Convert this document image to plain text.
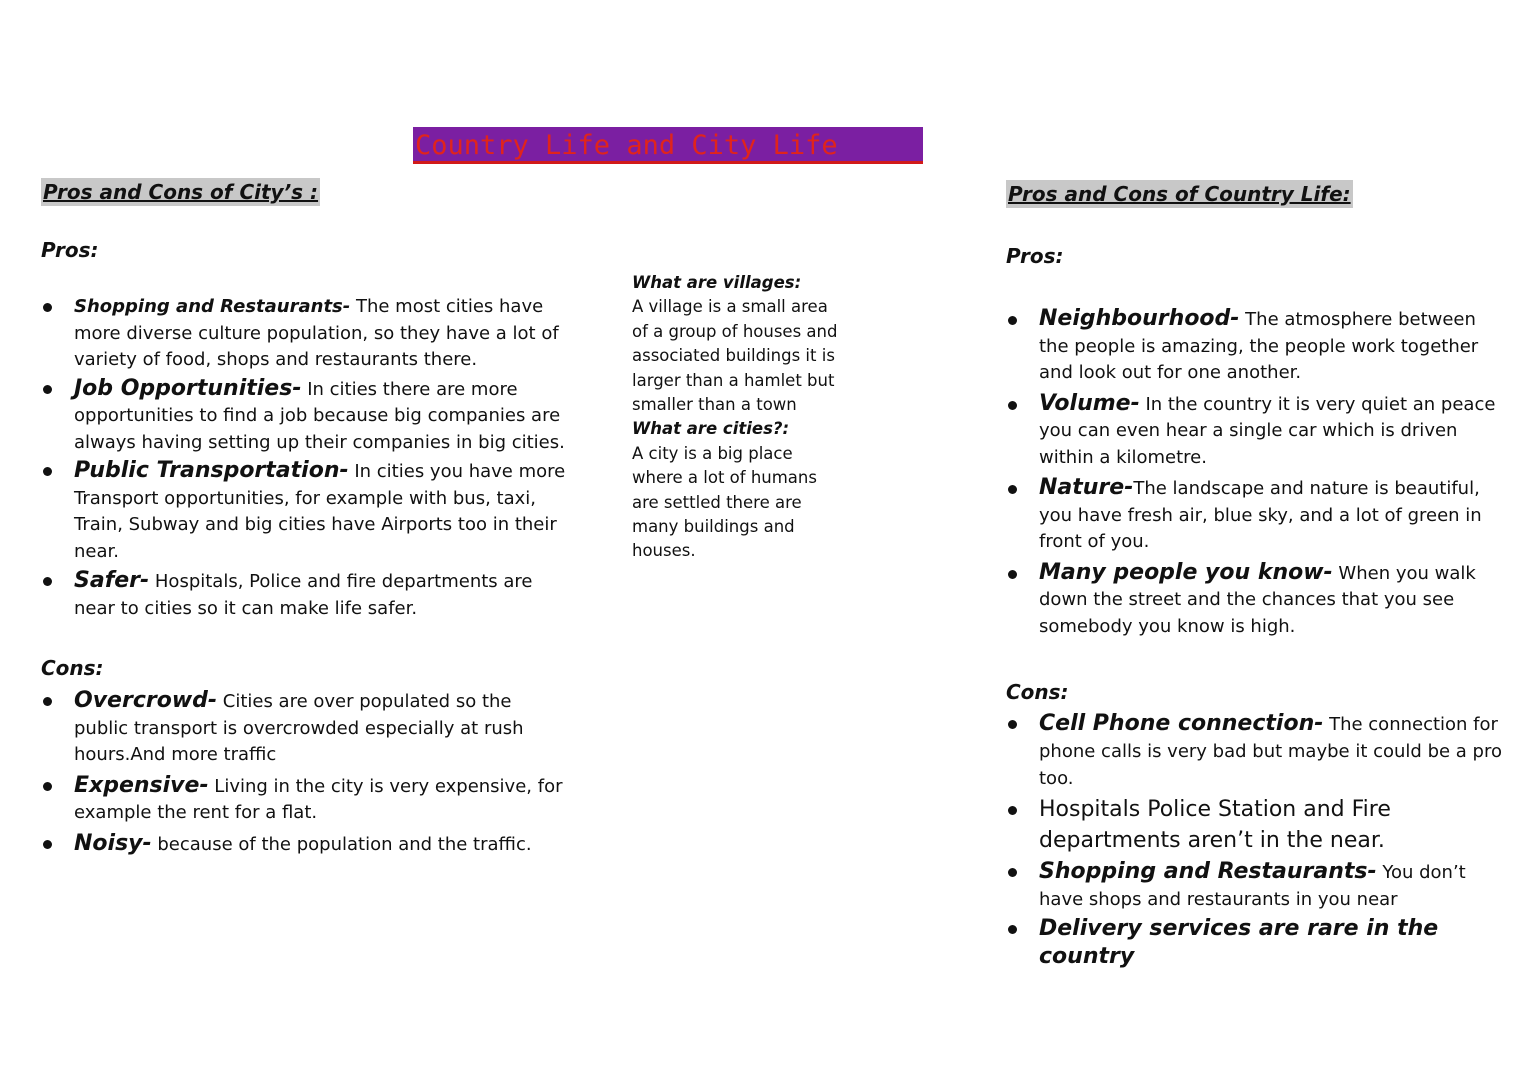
Country Life and City Life
Pros and Cons of City’s :
Pros:
Shopping and Restaurants- The most cities have more diverse culture population, so they have a lot of variety of food, shops and restaurants there.
Job Opportunities- In cities there are more opportunities to find a job because big companies are always having setting up their companies in big cities.
Public Transportation- In cities you have more Transport opportunities, for example with bus, taxi, Train, Subway and big cities have Airports too in their near.
Safer- Hospitals, Police and fire departments are near to cities so it can make life safer.
Cons:
Overcrowd- Cities are over populated so the public transport is overcrowded especially at rush hours.And more traffic
Expensive- Living in the city is very expensive, for example the rent for a flat.
Noisy- because of the population and the traffic.
What are villages:
A village is a small area of a group of houses and associated buildings it is larger than a hamlet but smaller than a town
What are cities?:
A city is a big place where a lot of humans are settled there are many buildings and houses.
Pros and Cons of Country Life:
Pros:
Neighbourhood- The atmosphere between the people is amazing, the people work together and look out for one another.
Volume- In the country it is very quiet an peace you can even hear a single car which is driven within a kilometre.
Nature-The landscape and nature is beautiful, you have fresh air, blue sky, and a lot of green in front of you.
Many people you know- When you walk down the street and the chances that you see somebody you know is high.
Cons:
Cell Phone connection- The connection for phone calls is very bad but maybe it could be a pro too.
Hospitals Police Station and Fire departments aren’t in the near.
Shopping and Restaurants- You don’t have shops and restaurants in you near
Delivery services are rare in the country
